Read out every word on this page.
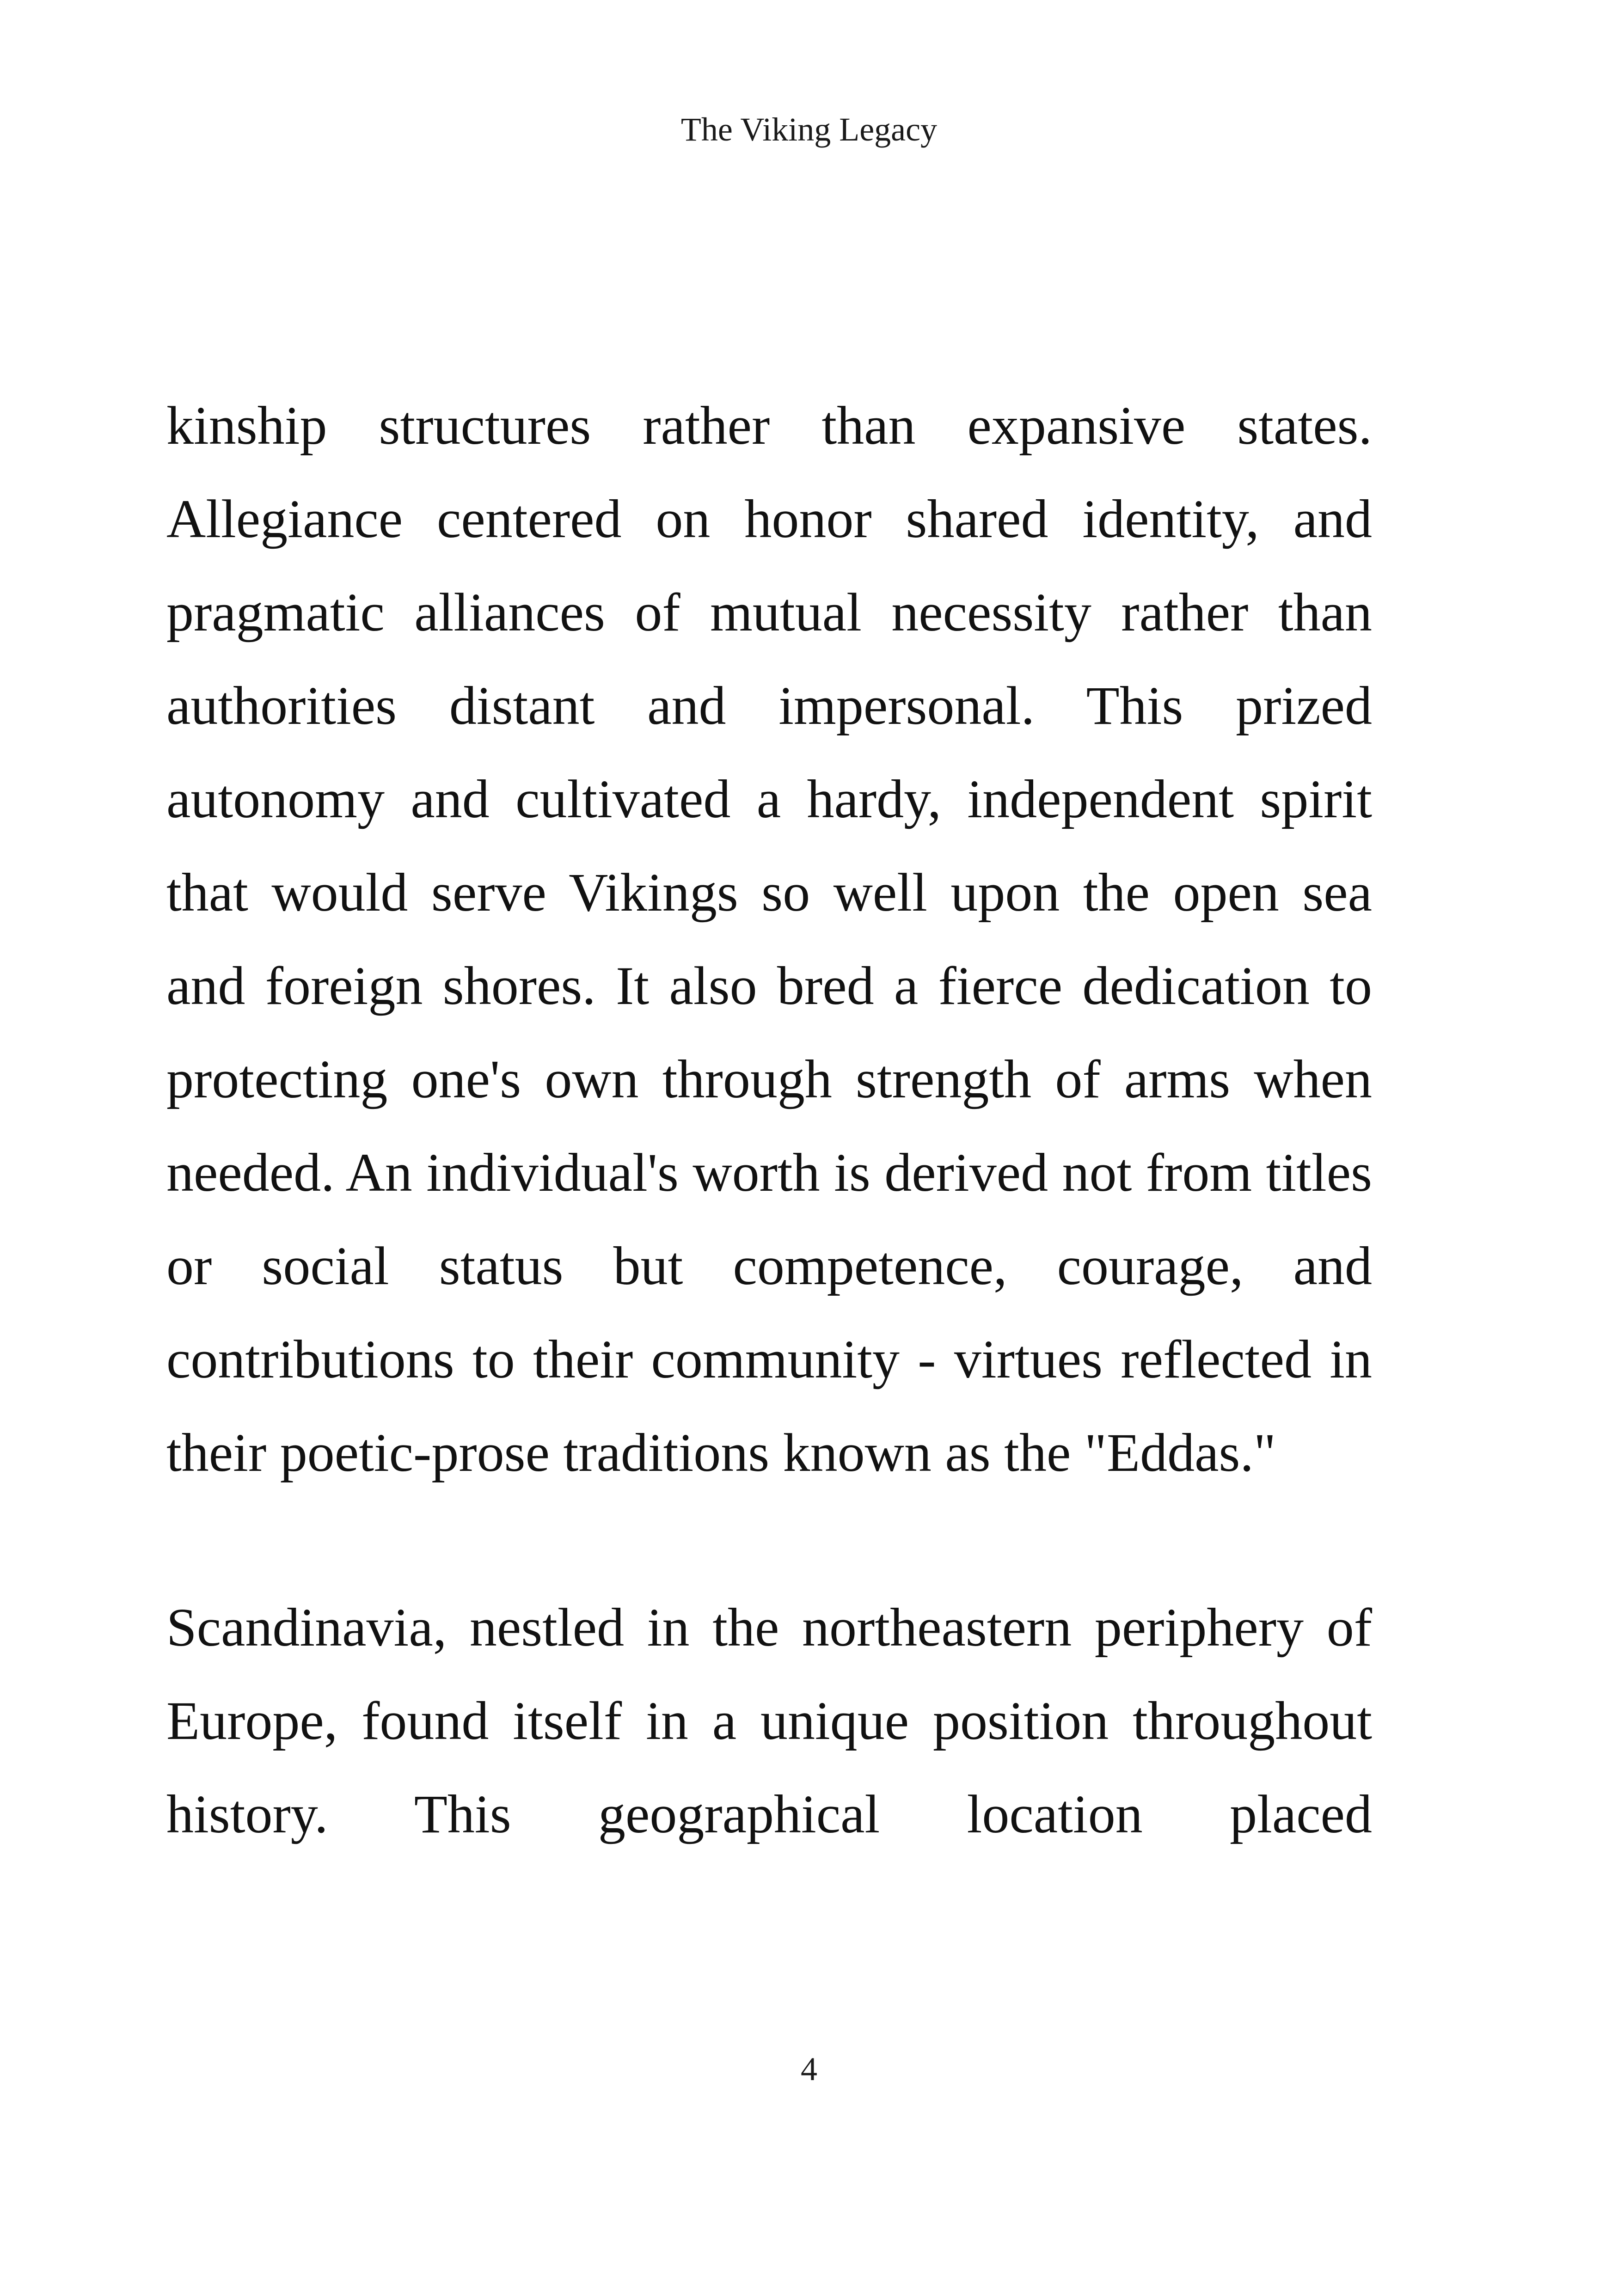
The Viking Legacy
kinship structures rather than expansive states.
Allegiance centered on honor shared identity, and
pragmatic alliances of mutual necessity rather than
authorities distant and impersonal. This prized
autonomy and cultivated a hardy, independent spirit
that would serve Vikings so well upon the open sea
and foreign shores. It also bred a fierce dedication to
protecting one's own through strength of arms when
needed. An individual's worth is derived not from titles
or social status but competence, courage, and
contributions to their community - virtues reflected in
their poetic-prose traditions known as the "Eddas."
Scandinavia, nestled in the northeastern periphery of
Europe, found itself in a unique position throughout
history. This geographical location placed
4
